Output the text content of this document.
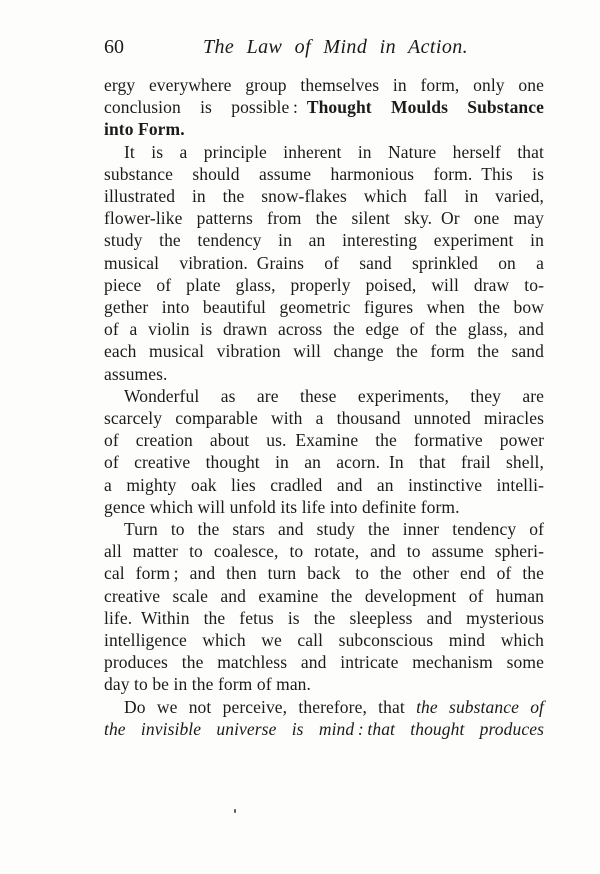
60	The Law of Mind in Action.
ergy everywhere group themselves in form, only one
conclusion is possible : Thought Moulds Substance
into Form.
It is a principle inherent in Nature herself that
substance should assume harmonious form. This is
illustrated in the snow-flakes which fall in varied,
flower-like patterns from the silent sky. Or one may
study the tendency in an interesting experiment in
musical vibration. Grains of sand sprinkled on a
piece of plate glass, properly poised, will draw to-
gether into beautiful geometric figures when the bow
of a violin is drawn across the edge of the glass, and
each musical vibration will change the form the sand
assumes.
Wonderful as are these experiments, they are
scarcely comparable with a thousand unnoted miracles
of creation about us. Examine the formative power
of creative thought in an acorn. In that frail shell,
a mighty oak lies cradled and an instinctive intelli-
gence which will unfold its life into definite form.
Turn to the stars and study the inner tendency of
all matter to coalesce, to rotate, and to assume spheri-
cal form ; and then turn back  to the other end of the
creative scale and examine the development of human
life. Within the fetus is the sleepless and mysterious
intelligence which we call subconscious mind which
produces the matchless and intricate mechanism some
day to be in the form of man.
Do we not perceive, therefore, that the substance of
the invisible universe is mind : that thought produces
